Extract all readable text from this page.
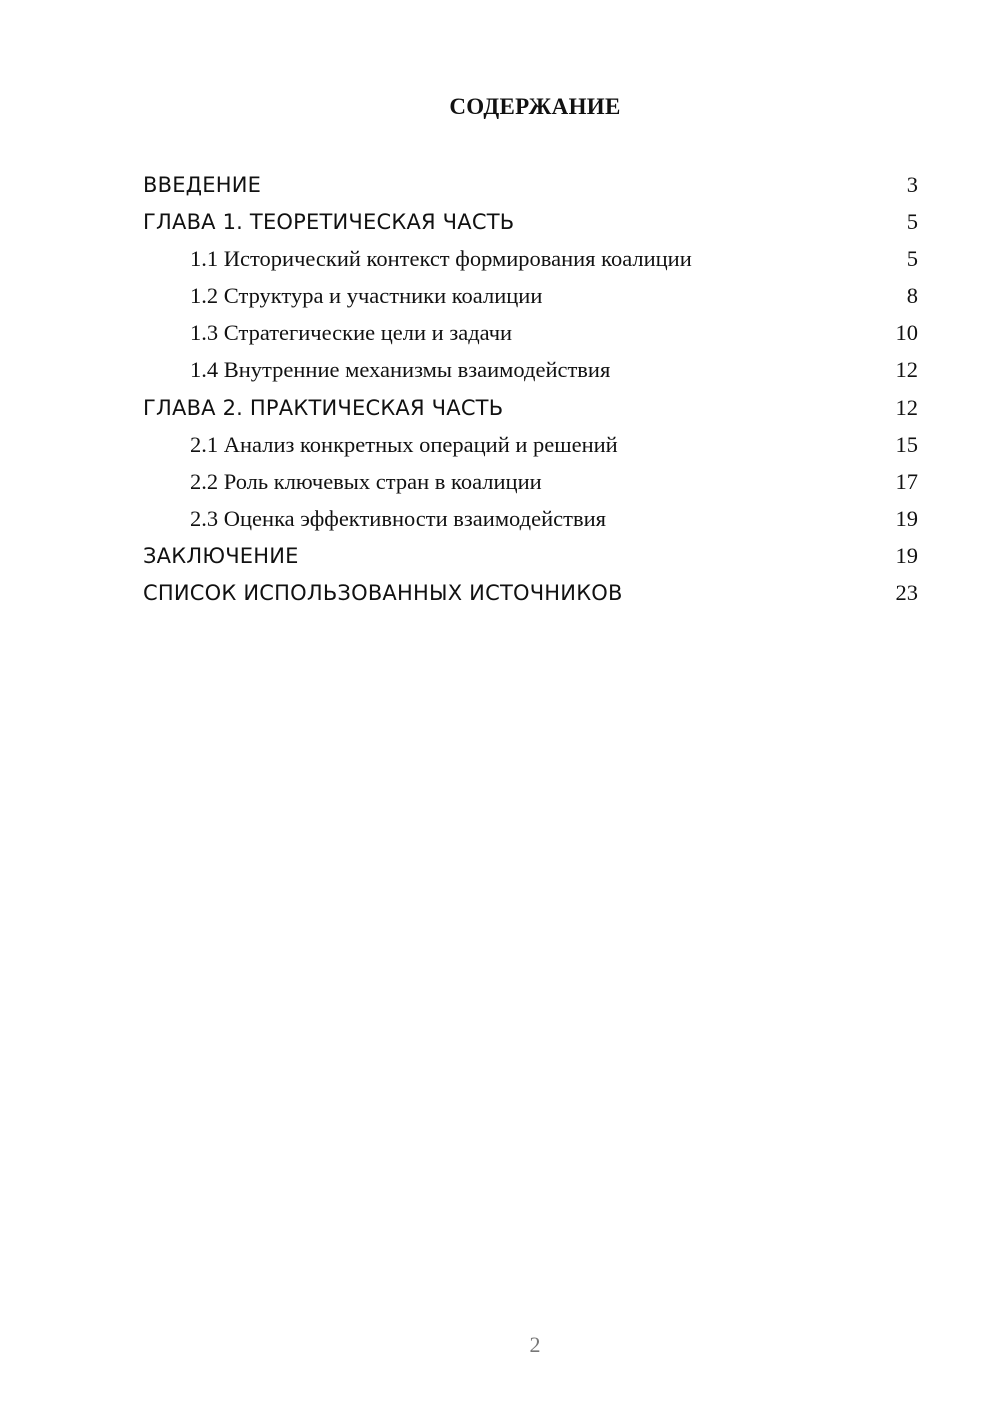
СОДЕРЖАНИЕ
ВВЕДЕНИЕ	3
ГЛАВА 1. ТЕОРЕТИЧЕСКАЯ ЧАСТЬ	5
1.1 Исторический контекст формирования коалиции	5
1.2 Структура и участники коалиции	8
1.3 Стратегические цели и задачи	10
1.4 Внутренние механизмы взаимодействия	12
ГЛАВА 2. ПРАКТИЧЕСКАЯ ЧАСТЬ	12
2.1 Анализ конкретных операций и решений	15
2.2 Роль ключевых стран в коалиции	17
2.3 Оценка эффективности взаимодействия	19
ЗАКЛЮЧЕНИЕ	19
СПИСОК ИСПОЛЬЗОВАННЫХ ИСТОЧНИКОВ	23
2
